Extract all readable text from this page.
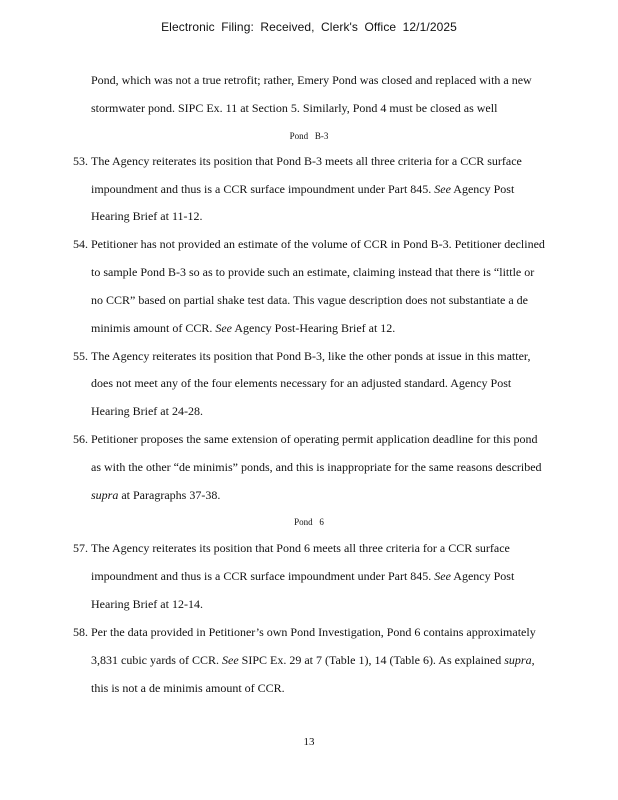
Electronic Filing: Received, Clerk's Office 12/1/2025
Pond, which was not a true retrofit; rather, Emery Pond was closed and replaced with a new
stormwater pond. SIPC Ex. 11 at Section 5. Similarly, Pond 4 must be closed as well
Pond   B-3
53. The Agency reiterates its position that Pond B-3 meets all three criteria for a CCR surface
impoundment and thus is a CCR surface impoundment under Part 845. See Agency Post
Hearing Brief at 11-12.
54. Petitioner has not provided an estimate of the volume of CCR in Pond B-3. Petitioner declined
to sample Pond B-3 so as to provide such an estimate, claiming instead that there is “little or
no CCR” based on partial shake test data. This vague description does not substantiate a de
minimis amount of CCR. See Agency Post-Hearing Brief at 12.
55. The Agency reiterates its position that Pond B-3, like the other ponds at issue in this matter,
does not meet any of the four elements necessary for an adjusted standard. Agency Post
Hearing Brief at 24-28.
56. Petitioner proposes the same extension of operating permit application deadline for this pond
as with the other “de minimis” ponds, and this is inappropriate for the same reasons described
supra at Paragraphs 37-38.
Pond   6
57. The Agency reiterates its position that Pond 6 meets all three criteria for a CCR surface
impoundment and thus is a CCR surface impoundment under Part 845. See Agency Post
Hearing Brief at 12-14.
58. Per the data provided in Petitioner’s own Pond Investigation, Pond 6 contains approximately
3,831 cubic yards of CCR. See SIPC Ex. 29 at 7 (Table 1), 14 (Table 6). As explained supra,
this is not a de minimis amount of CCR.
13
